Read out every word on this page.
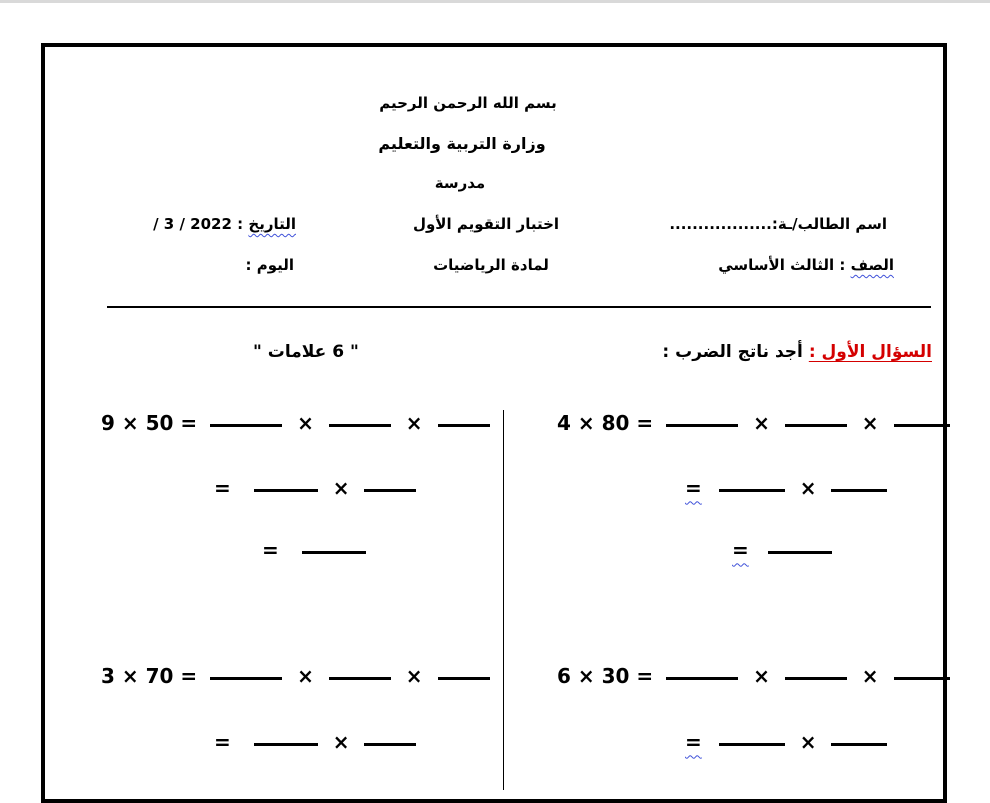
بسم الله الرحمن الرحيم
وزارة التربية والتعليم
مدرسة
اسم الطالب/ـة:..................
اختبار التقويم الأول
التاريخ : 2022 / 3 /
الصف : الثالث الأساسي
لمادة الرياضيات
اليوم :
السؤال الأول : أجد ناتج الضرب :
" 6 علامات "
4 × 80 =	×	×
=	×
=
9 × 50 =	×	×
=	×
=
6 × 30 =	×	×
=	×
3 × 70 =	×	×
=	×
